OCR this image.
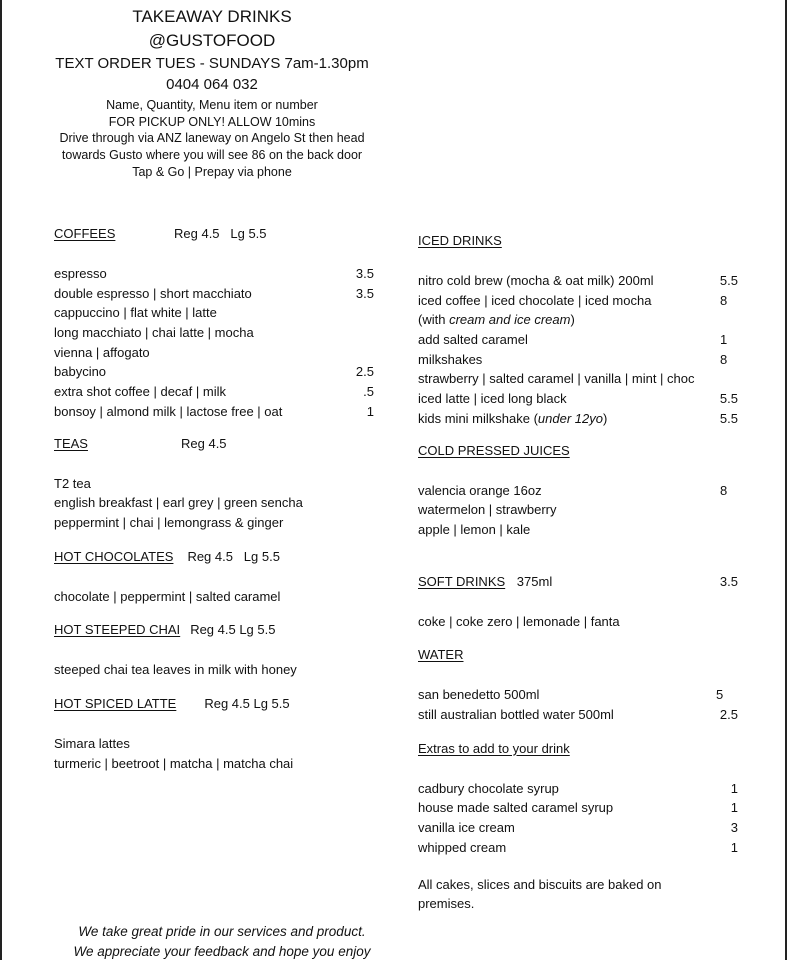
TAKEAWAY DRINKS
@GUSTOFOOD
TEXT ORDER TUES - SUNDAYS 7am-1.30pm
0404 064 032
Name, Quantity, Menu item or number
FOR PICKUP ONLY! ALLOW 10mins
Drive through via ANZ laneway on Angelo St then head
towards Gusto where you will see 86 on the back door
Tap & Go | Prepay via phone
COFFEES	Reg 4.5   Lg 5.5
espresso	3.5
double espresso | short macchiato	3.5
cappuccino | flat white | latte
long macchiato | chai latte | mocha
vienna | affogato
babycino	2.5
extra shot coffee | decaf | milk	.5
bonsoy | almond milk | lactose free | oat	1
TEAS	Reg 4.5
T2 tea
english breakfast | earl grey | green sencha
peppermint | chai | lemongrass & ginger
HOT CHOCOLATES Reg 4.5   Lg 5.5
chocolate | peppermint | salted caramel
HOT STEEPED CHAI Reg 4.5 Lg 5.5
steeped chai tea leaves in milk with honey
HOT SPICED LATTE	Reg 4.5 Lg 5.5
Simara lattes
turmeric | beetroot | matcha | matcha chai
ICED DRINKS
nitro cold brew (mocha & oat milk) 200ml	5.5
iced coffee | iced chocolate | iced mocha	8
(with cream and ice cream)
add salted caramel	1
milkshakes	8
strawberry | salted caramel | vanilla | mint | choc
iced latte | iced long black	5.5
kids mini milkshake (under 12yo)	5.5
COLD PRESSED JUICES
valencia orange 16oz	8
watermelon | strawberry
apple | lemon | kale
SOFT DRINKS 375ml	3.5
coke | coke zero | lemonade | fanta
WATER
san benedetto 500ml	5
still australian bottled water 500ml	2.5
Extras to add to your drink
cadbury chocolate syrup	1
house made salted caramel syrup	1
vanilla ice cream	3
whipped cream	1
All cakes, slices and biscuits are baked on premises.
We take great pride in our services and product.
We appreciate your feedback and hope you enjoy
